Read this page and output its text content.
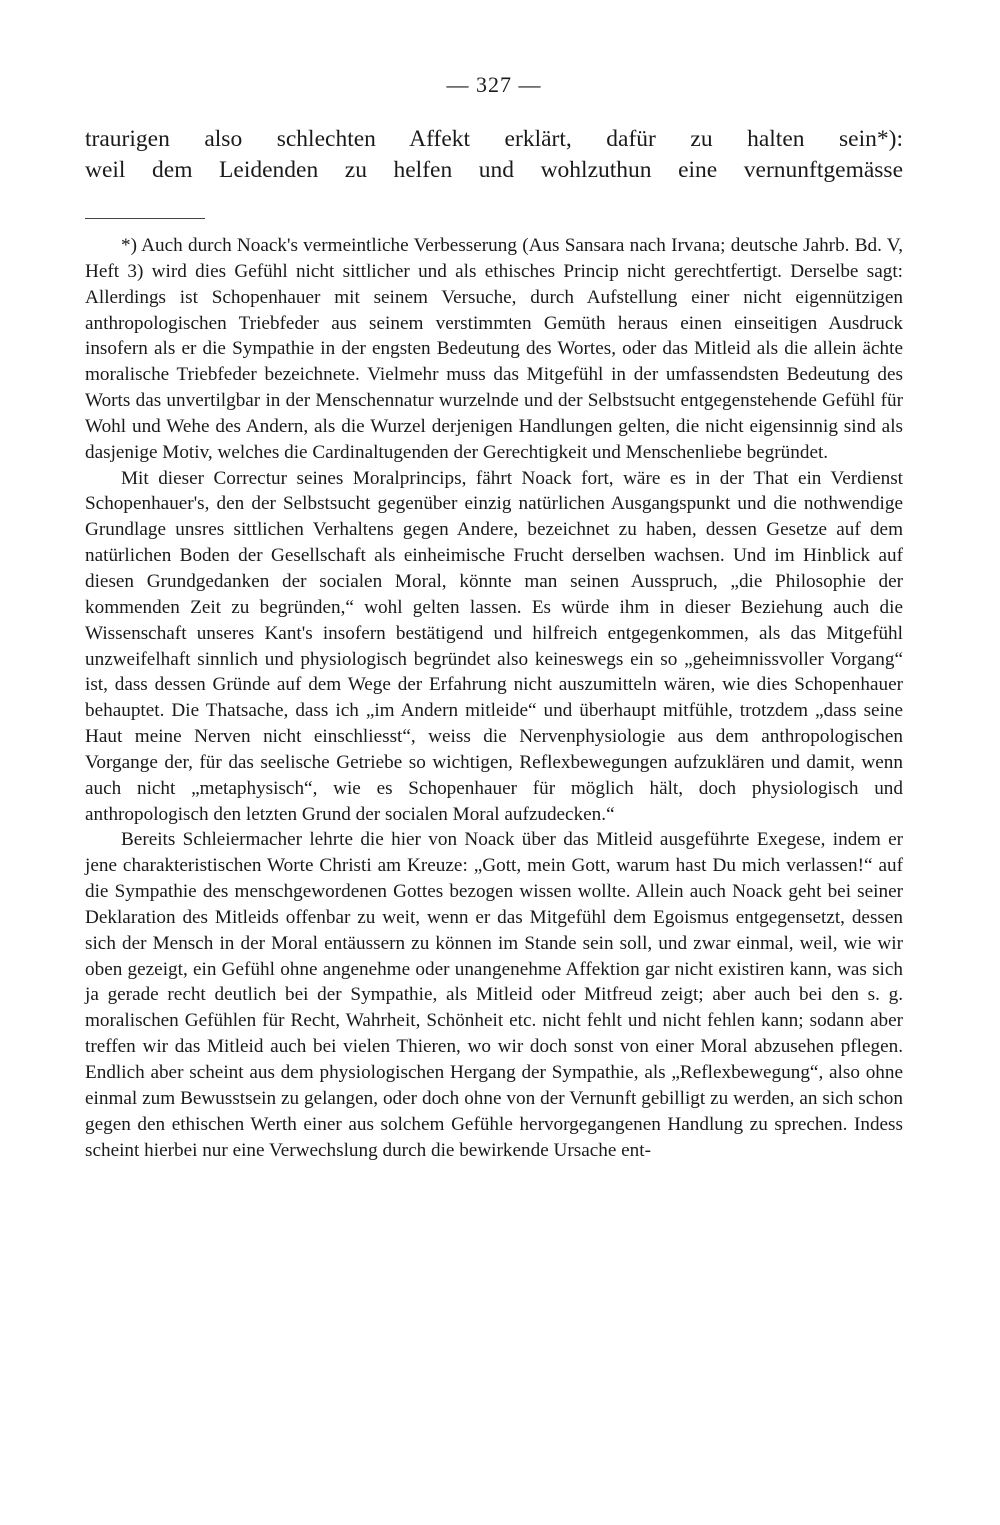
— 327 —
traurigen also schlechten Affekt erklärt, dafür zu halten sein*):
weil dem Leidenden zu helfen und wohlzuthun eine vernunftgemässe

*) Auch durch Noack's vermeintliche Verbesserung (Aus Sansara nach Irvana; deutsche Jahrb. Bd. V, Heft 3) wird dies Gefühl nicht sittlicher und als ethisches Princip nicht gerechtfertigt. Derselbe sagt: Allerdings ist Schopenhauer mit seinem Versuche, durch Aufstellung einer nicht eigennützigen anthropologischen Triebfeder aus seinem verstimmten Gemüth heraus einen einseitigen Ausdruck insofern als er die Sympathie in der engsten Bedeutung des Wortes, oder das Mitleid als die allein ächte moralische Triebfeder bezeichnete. Vielmehr muss das Mitgefühl in der umfassendsten Bedeutung des Worts das unvertilgbar in der Menschennatur wurzelnde und der Selbstsucht entgegenstehende Gefühl für Wohl und Wehe des Andern, als die Wurzel derjenigen Handlungen gelten, die nicht eigensinnig sind als dasjenige Motiv, welches die Cardinaltugenden der Gerechtigkeit und Menschenliebe begründet.

Mit dieser Correctur seines Moralprincips, fährt Noack fort, wäre es in der That ein Verdienst Schopenhauer's, den der Selbstsucht gegenüber einzig natürlichen Ausgangspunkt und die nothwendige Grundlage unsres sittlichen Verhaltens gegen Andere, bezeichnet zu haben, dessen Gesetze auf dem natürlichen Boden der Gesellschaft als einheimische Frucht derselben wachsen. Und im Hinblick auf diesen Grundgedanken der socialen Moral, könnte man seinen Ausspruch, „die Philosophie der kommenden Zeit zu begründen,“ wohl gelten lassen. Es würde ihm in dieser Beziehung auch die Wissenschaft unseres Kant's insofern bestätigend und hilfreich entgegenkommen, als das Mitgefühl unzweifelhaft sinnlich und physiologisch begründet also keineswegs ein so „geheimnissvoller Vorgang“ ist, dass dessen Gründe auf dem Wege der Erfahrung nicht auszumitteln wären, wie dies Schopenhauer behauptet. Die Thatsache, dass ich „im Andern mitleide“ und überhaupt mitfühle, trotzdem „dass seine Haut meine Nerven nicht einschliesst“, weiss die Nervenphysiologie aus dem anthropologischen Vorgange der, für das seelische Getriebe so wichtigen, Reflexbewegungen aufzuklären und damit, wenn auch nicht „metaphysisch“, wie es Schopenhauer für möglich hält, doch physiologisch und anthropologisch den letzten Grund der socialen Moral aufzudecken.“

Bereits Schleiermacher lehrte die hier von Noack über das Mitleid ausgeführte Exegese, indem er jene charakteristischen Worte Christi am Kreuze: „Gott, mein Gott, warum hast Du mich verlassen!“ auf die Sympathie des menschgewordenen Gottes bezogen wissen wollte. Allein auch Noack geht bei seiner Deklaration des Mitleids offenbar zu weit, wenn er das Mitgefühl dem Egoismus entgegensetzt, dessen sich der Mensch in der Moral entäussern zu können im Stande sein soll, und zwar einmal, weil, wie wir oben gezeigt, ein Gefühl ohne angenehme oder unangenehme Affektion gar nicht existiren kann, was sich ja gerade recht deutlich bei der Sympathie, als Mitleid oder Mitfreud zeigt; aber auch bei den s. g. moralischen Gefühlen für Recht, Wahrheit, Schönheit etc. nicht fehlt und nicht fehlen kann; sodann aber treffen wir das Mitleid auch bei vielen Thieren, wo wir doch sonst von einer Moral abzusehen pflegen. Endlich aber scheint aus dem physiologischen Hergang der Sympathie, als „Reflexbewegung“, also ohne einmal zum Bewusstsein zu gelangen, oder doch ohne von der Vernunft gebilligt zu werden, an sich schon gegen den ethischen Werth einer aus solchem Gefühle hervorgegangenen Handlung zu sprechen. Indess scheint hierbei nur eine Verwechslung durch die bewirkende Ursache ent-
